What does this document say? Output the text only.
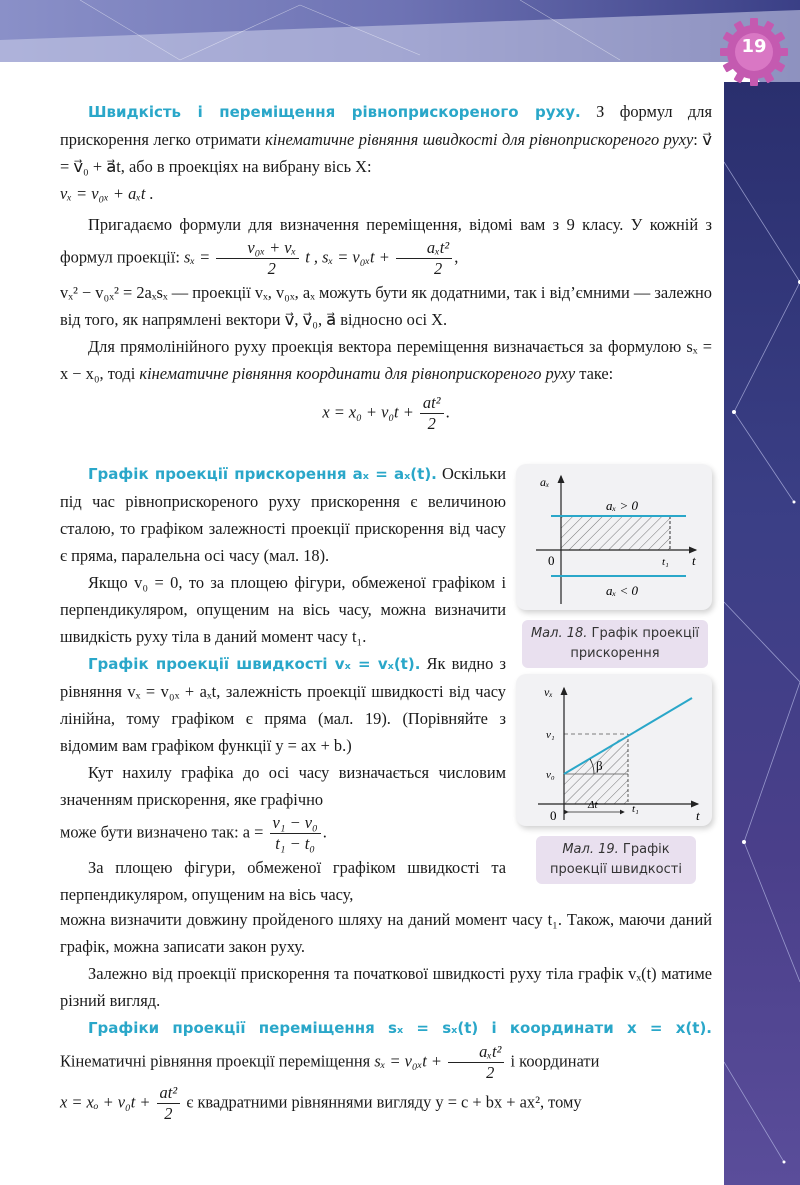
19

Швидкість і переміщення рівноприскореного руху. З формул для прискорення легко отримати кінематичне рівняння швидкості для рівноприскореного руху: v⃗ = v⃗₀ + a⃗t, або в проекціях на вибрану вісь X:

vₓ = v₀ₓ + aₓt .

Пригадаємо формули для визначення переміщення, відомі вам з 9 класу. У кожній з формул проекції: $s_x = \frac{\text{v₀ₓ + vₓ}}{2}$ t , $s_x = v_{0x}t + \frac{\text{aₓt²}}{2}$ ,

vₓ² − v₀ₓ² = 2aₓsₓ — проекції vₓ, v₀ₓ, aₓ можуть бути як додатними, так і від’ємними — залежно від того, як напрямлені вектори v⃗, v⃗₀, a⃗ відносно осі X.

Для прямолінійного руху проекція вектора переміщення визначається за формулою sₓ = x − x₀, тоді кінематичне рівняння координати для рівноприскореного руху таке:

$x = x_0 + v_0t + \frac{\text{at²}}{2}$ .

Графік проекції прискорення aₓ = aₓ(t). Оскільки під час рівноприскореного руху прискорення є величиною сталою, то графіком залежності проекції прискорення від часу є пряма, паралельна осі часу (мал. 18).

Якщо v₀ = 0, то за площею фігури, обмеженої графіком і перпендикуляром, опущеним на вісь часу, можна визначити швидкість руху тіла в даний момент часу t₁.

Графік проекції швидкості vₓ = vₓ(t). Як видно з рівняння vₓ = v₀ₓ + aₓt, залежність проекції швидкості від часу лінійна, тому графіком є пряма (мал. 19). (Порівняйте з відомим вам графіком функції y = ax + b.)

Кут нахилу графіка до осі часу визначається числовим значенням прискорення, яке графічно

може бути визначено так: $a = \frac{\text{v₁ − v₀}}{\text{t₁ − t₀}}$ .

За площею фігури, обмеженої графіком швидкості та перпендикуляром, опущеним на вісь часу,

можна визначити довжину пройденого шляху на даний момент часу t₁. Також, маючи даний графік, можна записати закон руху.

Залежно від проекції прискорення та початкової швидкості руху тіла графік vₓ(t) матиме різний вигляд.

Графіки проекції переміщення sₓ = sₓ(t) і координати x = x(t). Кінематичні рівняння проекції переміщення $s_x = v_{0x}t + \frac{\text{aₓt²}}{2}$ і координати

$x = x_o + v_0t + \frac{\text{at²}}{2}$ є квадратними рівняннями вигляду y = c + bx + ax², тому

aₓ
t
0	t₁
aₓ > 0
aₓ < 0
Мал. 18. Графік проекції прискорення
vₓ
t
0
v₁
v₀
β
Δt	t₁
Мал. 19. Графік проекції швидкості
